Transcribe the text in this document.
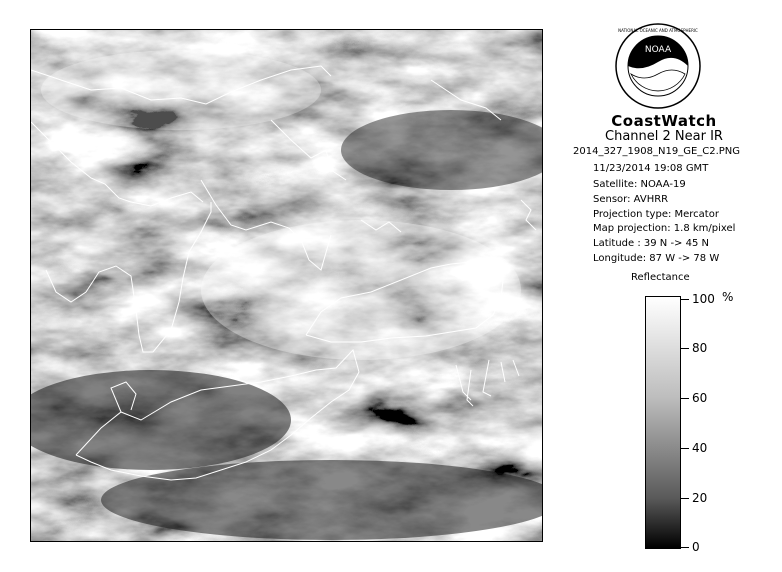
NOAA
NATIONAL OCEANIC AND ATMOSPHERIC
CoastWatch
Channel 2 Near IR
2014_327_1908_N19_GE_C2.PNG
11/23/2014 19:08 GMT
Satellite: NOAA-19
Sensor: AVHRR
Projection type: Mercator
Map projection: 1.8 km/pixel
Latitude : 39 N -> 45 N
Longitude: 87 W -> 78 W
Reflectance
100 %
80
60
40
20
0
